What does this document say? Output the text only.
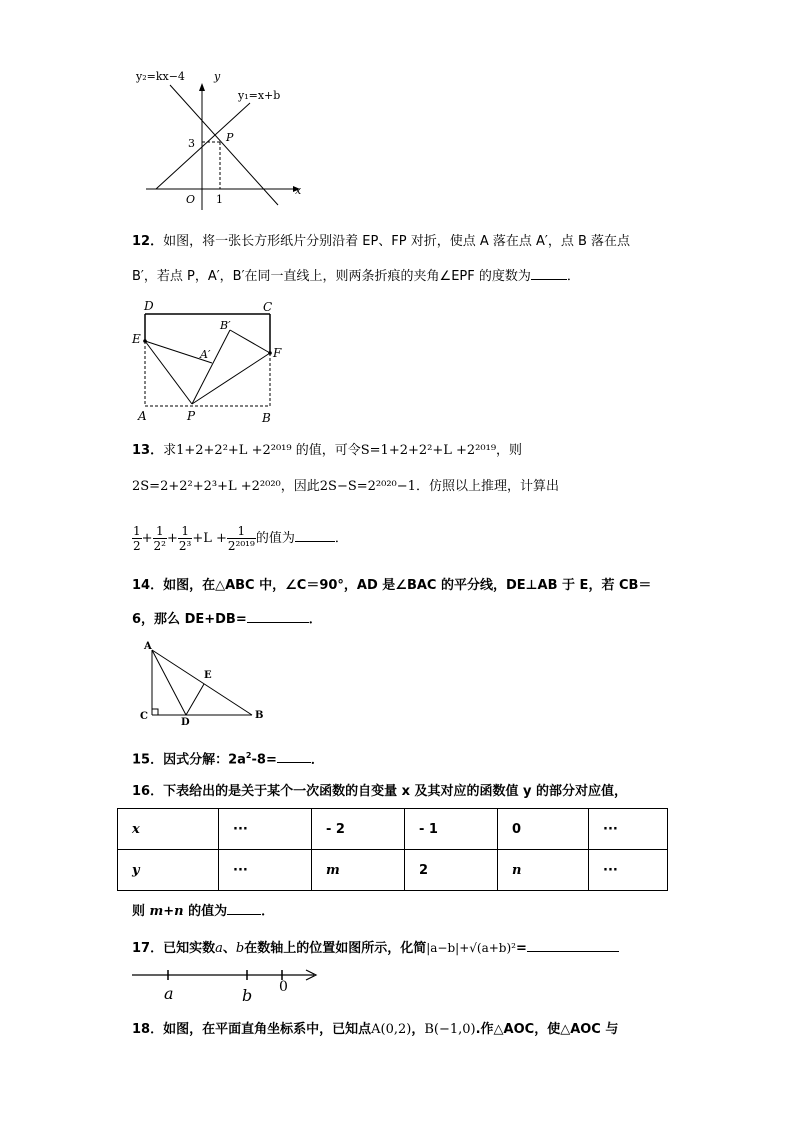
y₂=kx−4	y
y₁=x+b
P
3
O 1
x
12．如图，将一张长方形纸片分别沿着 EP、FP 对折，使点 A 落在点 A′，点 B 落在点
B′，若点 P，A′，B′在同一直线上，则两条折痕的夹角∠EPF 的度数为	．
D	C
E
F
A′
B′
A	P	B
13．求1+2+2²+L +2²⁰¹⁹ 的值，可令S=1+2+2²+L +2²⁰¹⁹，则
2S=2+2²+2³+L +2²⁰²⁰，因此2S−S=2²⁰²⁰−1．仿照以上推理，计算出
$\frac{1}{2} + \frac{1}{\text{2²}} + \frac{1}{\text{2³}} +L + \frac{1}{\text{2²⁰¹⁹}}$ 的值为	．
14．如图，在△ABC 中，∠C＝90°，AD 是∠BAC 的平分线，DE⊥AB 于 E，若 CB＝
6，那么 DE+DB=	．
A
E
C
D
B
15．因式分解：$2a^2-8=$	．
16．下表给出的是关于某个一次函数的自变量 x 及其对应的函数值 y 的部分对应值，
x	···	- 2	- 1	0	···
y	···	m	2	n	···
则 m+n 的值为	．
17．已知实数a、b在数轴上的位置如图所示，化简|a−b|+√(a+b)²=
a	b 0
18．如图，在平面直角坐标系中，已知点A(0,2)，B(−1,0).作△AOC，使△AOC 与
